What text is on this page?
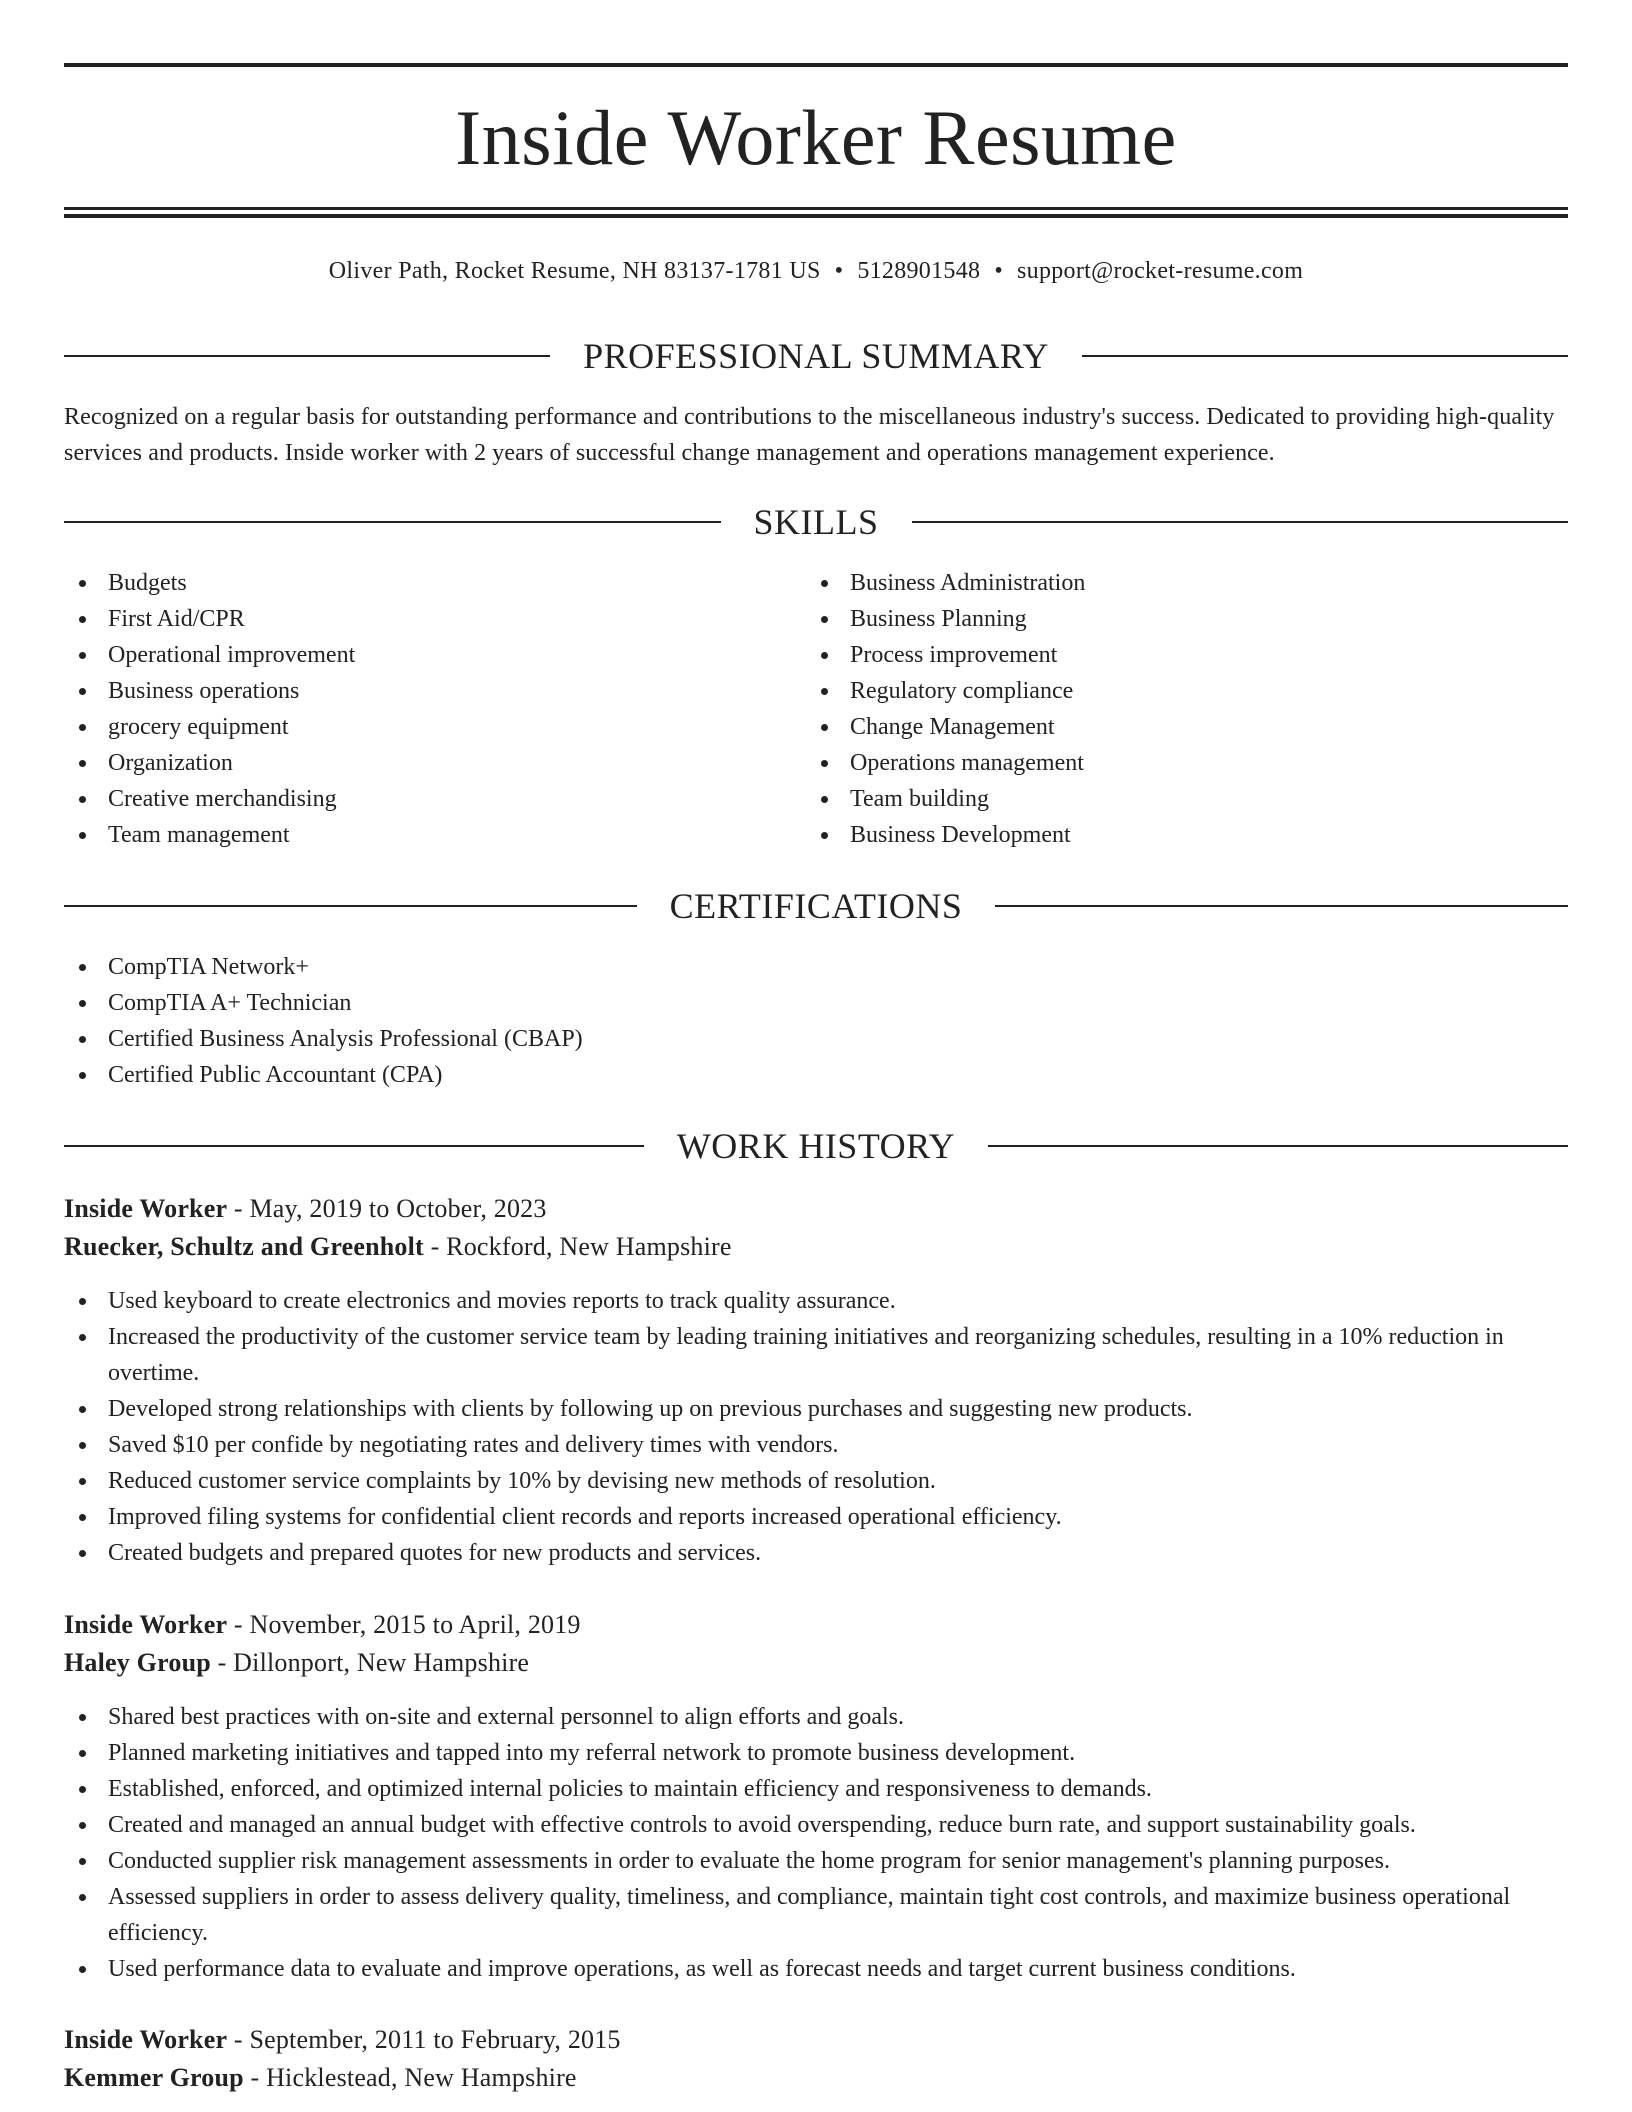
Inside Worker Resume
Oliver Path, Rocket Resume, NH 83137-1781 US • 5128901548 • support@rocket-resume.com
PROFESSIONAL SUMMARY
Recognized on a regular basis for outstanding performance and contributions to the miscellaneous industry's success. Dedicated to providing high-quality services and products. Inside worker with 2 years of successful change management and operations management experience.
SKILLS
Budgets
First Aid/CPR
Operational improvement
Business operations
grocery equipment
Organization
Creative merchandising
Team management
Business Administration
Business Planning
Process improvement
Regulatory compliance
Change Management
Operations management
Team building
Business Development
CERTIFICATIONS
CompTIA Network+
CompTIA A+ Technician
Certified Business Analysis Professional (CBAP)
Certified Public Accountant (CPA)
WORK HISTORY
Inside Worker - May, 2019 to October, 2023
Ruecker, Schultz and Greenholt - Rockford, New Hampshire
Used keyboard to create electronics and movies reports to track quality assurance.
Increased the productivity of the customer service team by leading training initiatives and reorganizing schedules, resulting in a 10% reduction in overtime.
Developed strong relationships with clients by following up on previous purchases and suggesting new products.
Saved $10 per confide by negotiating rates and delivery times with vendors.
Reduced customer service complaints by 10% by devising new methods of resolution.
Improved filing systems for confidential client records and reports increased operational efficiency.
Created budgets and prepared quotes for new products and services.
Inside Worker - November, 2015 to April, 2019
Haley Group - Dillonport, New Hampshire
Shared best practices with on-site and external personnel to align efforts and goals.
Planned marketing initiatives and tapped into my referral network to promote business development.
Established, enforced, and optimized internal policies to maintain efficiency and responsiveness to demands.
Created and managed an annual budget with effective controls to avoid overspending, reduce burn rate, and support sustainability goals.
Conducted supplier risk management assessments in order to evaluate the home program for senior management's planning purposes.
Assessed suppliers in order to assess delivery quality, timeliness, and compliance, maintain tight cost controls, and maximize business operational efficiency.
Used performance data to evaluate and improve operations, as well as forecast needs and target current business conditions.
Inside Worker - September, 2011 to February, 2015
Kemmer Group - Hicklestead, New Hampshire
